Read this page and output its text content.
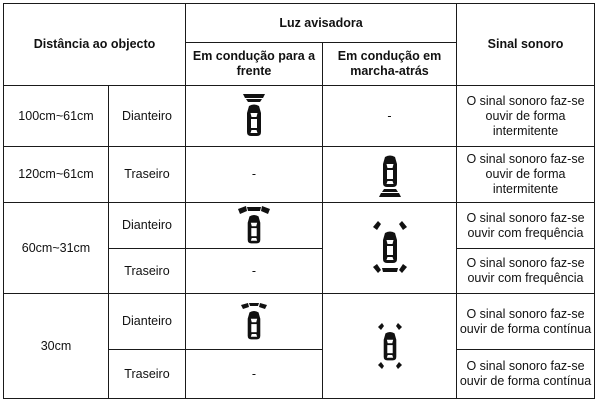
Distância ao objecto		Luz avisadora		Sinal sonoro
		Em condução para a frente	Em condução em marcha-atrás	
100cm~61cm	Dianteiro		-	O sinal sonoro faz-se ouvir de forma intermitente
120cm~61cm	Traseiro	-		O sinal sonoro faz-se ouvir de forma intermitente
60cm~31cm	Dianteiro			O sinal sonoro faz-se ouvir com frequência
	Traseiro	-		O sinal sonoro faz-se ouvir com frequência
30cm	Dianteiro			O sinal sonoro faz-se ouvir de forma contínua
	Traseiro	-		O sinal sonoro faz-se ouvir de forma contínua
